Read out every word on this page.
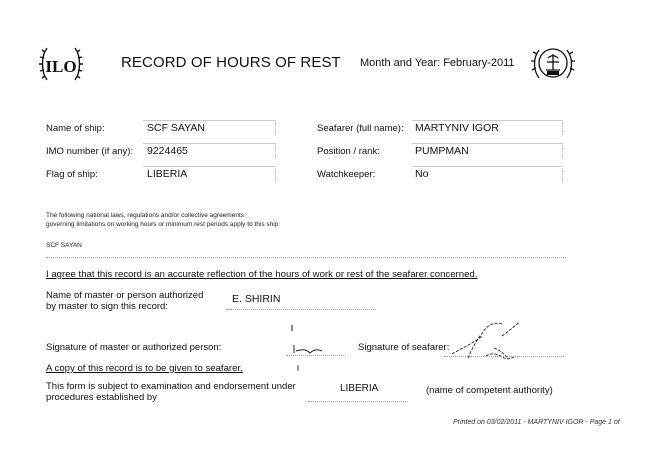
ILO	RECORD OF HOURS OF REST Month and Year: February-2011
Name of ship:	SCF SAYAN
IMO number (if any): 9224465
Flag of ship:	LIBERIA
Seafarer (full name): MARTYNIV IGOR
Position / rank:	PUMPMAN
Watchkeeper:	No
The following national laws, regulations and/or collective agreements
governing limitations on working hours or minimum rest periods apply to this ship:
SCF SAYAN
I agree that this record is an accurate reflection of the hours of work or rest of the seafarer concerned.
Name of master or person authorized
by master to sign this record:
E. SHIRIN
Signature of master or authorized person:	Signature of seafarer:
A copy of this record is to be given to seafarer.
This form is subject to examination and endorsement under
procedures established by
LIBERIA	(name of competent authority)
Printed on 03/02/2011 - MARTYNIV IGOR - Page 1 of
